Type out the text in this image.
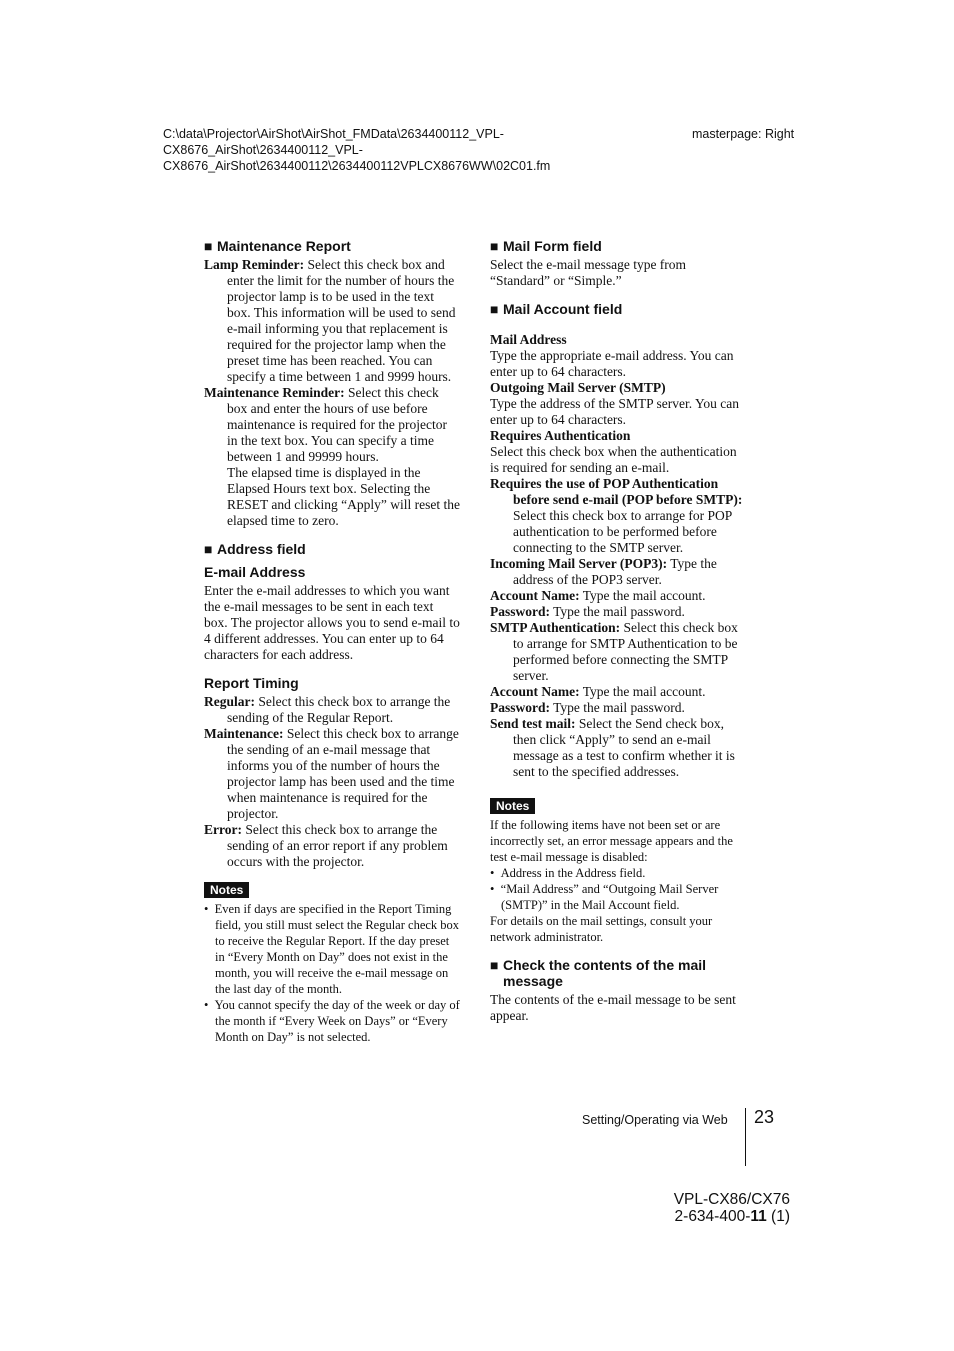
C:\data\Projector\AirShot\AirShot_FMData\2634400112_VPL-
CX8676_AirShot\2634400112_VPL-
CX8676_AirShot\2634400112\2634400112VPLCX8676WW\02C01.fm
masterpage: Right
■ Maintenance Report

Lamp Reminder: Select this check box and enter the limit for the number of hours the projector lamp is to be used in the text box. This information will be used to send e-mail informing you that replacement is required for the projector lamp when the preset time has been reached. You can specify a time between 1 and 9999 hours.

Maintenance Reminder: Select this check box and enter the hours of use before maintenance is required for the projector in the text box. You can specify a time between 1 and 99999 hours.

The elapsed time is displayed in the Elapsed Hours text box. Selecting the RESET and clicking “Apply” will reset the elapsed time to zero.

■ Address field
E-mail Address

Enter the e-mail addresses to which you want the e-mail messages to be sent in each text box. The projector allows you to send e-mail to 4 different addresses. You can enter up to 64 characters for each address.

Report Timing

Regular: Select this check box to arrange the sending of the Regular Report.

Maintenance: Select this check box to arrange the sending of an e-mail message that informs you of the number of hours the projector lamp has been used and the time when maintenance is required for the projector.

Error: Select this check box to arrange the sending of an error report if any problem occurs with the projector.

Notes
•  Even if days are specified in the Report Timing field, you still must select the Regular check box to receive the Regular Report. If the day preset in “Every Month on Day” does not exist in the month, you will receive the e-mail message on the last day of the month.
•  You cannot specify the day of the week or day of the month if “Every Week on Days” or “Every Month on Day” is not selected.
■ Mail Form field

Select the e-mail message type from “Standard” or “Simple.”

■ Mail Account field

Mail Address

Type the appropriate e-mail address. You can enter up to 64 characters.

Outgoing Mail Server (SMTP)

Type the address of the SMTP server. You can enter up to 64 characters.

Requires Authentication

Select this check box when the authentication is required for sending an e-mail.

Requires the use of POP Authentication before send e-mail (POP before SMTP): Select this check box to arrange for POP authentication to be performed before connecting to the SMTP server.

Incoming Mail Server (POP3): Type the address of the POP3 server.

Account Name: Type the mail account.

Password: Type the mail password.

SMTP Authentication: Select this check box to arrange for SMTP Authentication to be performed before connecting the SMTP server.

Account Name: Type the mail account.

Password: Type the mail password.

Send test mail: Select the Send check box, then click “Apply” to send an e-mail message as a test to confirm whether it is sent to the specified addresses.

Notes

If the following items have not been set or are incorrectly set, an error message appears and the test e-mail message is disabled:

•  Address in the Address field.
•  “Mail Address” and “Outgoing Mail Server (SMTP)” in the Mail Account field.

For details on the mail settings, consult your network administrator.

■ Check the contents of the mail message

The contents of the e-mail message to be sent appear.

Setting/Operating via Web 23
VPL-CX86/CX76
2-634-400-11 (1)
